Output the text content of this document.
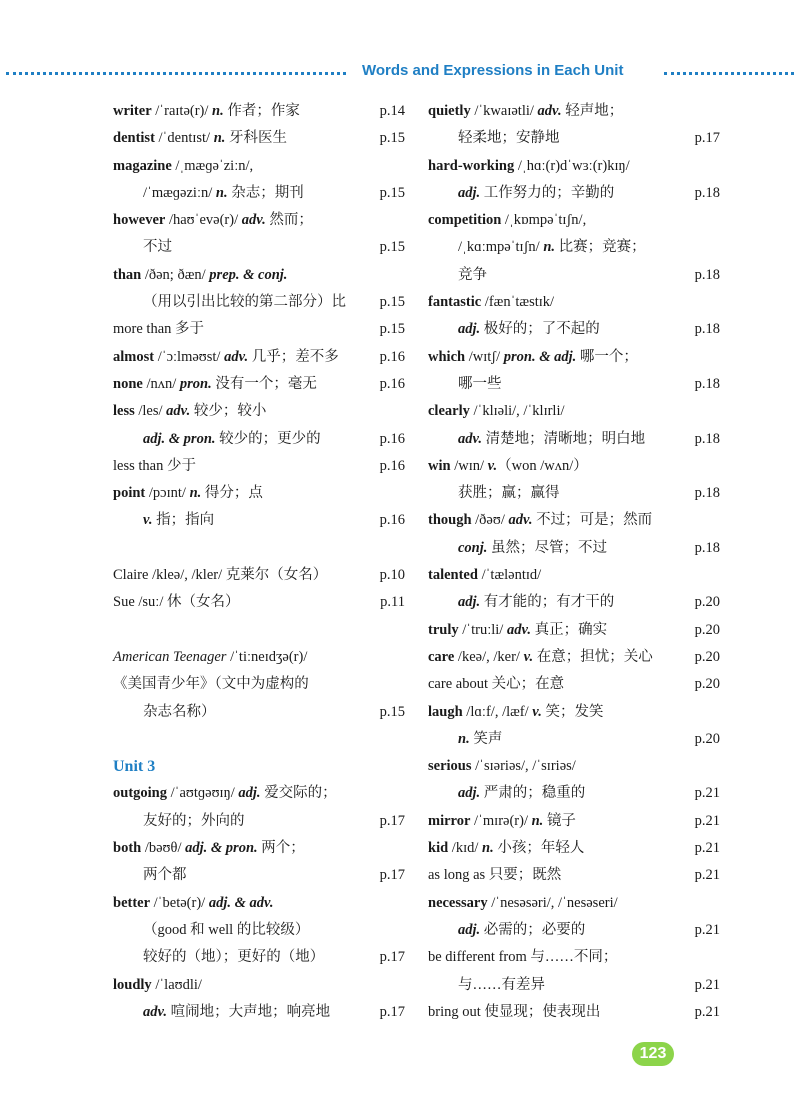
Words and Expressions in Each Unit
writer /ˈraɪtə(r)/ n. 作者；作家	p.14
dentist /ˈdentɪst/ n. 牙科医生	p.15
magazine /ˌmæɡəˈziːn/,
/ˈmæɡəziːn/ n. 杂志；期刊	p.15
however /haʊˈevə(r)/ adv. 然而；
不过	p.15
than /ðən; ðæn/ prep. & conj.
（用以引出比较的第二部分）比 p.15
more than 多于	p.15
almost /ˈɔːlməʊst/ adv. 几乎；差不多	p.16
none /nʌn/ pron. 没有一个；毫无	p.16
less /les/ adv. 较少；较小
adj. & pron. 较少的；更少的	p.16
less than 少于	p.16
point /pɔɪnt/ n. 得分；点
v. 指；指向	p.16
Claire /kleə/, /kler/ 克莱尔（女名）	p.10
Sue /suː/ 休（女名）	p.11
American Teenager /ˈtiːneɪdʒə(r)/
《美国青少年》（文中为虚构的
杂志名称）	p.15
Unit 3
outgoing /ˈaʊtɡəʊɪŋ/ adj. 爱交际的；
友好的；外向的	p.17
both /bəʊθ/ adj. & pron. 两个；
两个都	p.17
better /ˈbetə(r)/ adj. & adv.
（good 和 well 的比较级）
较好的（地）；更好的（地）	p.17
loudly /ˈlaʊdli/
adv. 喧闹地；大声地；响亮地	p.17
quietly /ˈkwaɪətli/ adv. 轻声地；
轻柔地；安静地	p.17
hard-working /ˌhɑː(r)dˈwɜː(r)kɪŋ/
adj. 工作努力的；辛勤的	p.18
competition /ˌkɒmpəˈtɪʃn/,
/ˌkɑːmpəˈtɪʃn/ n. 比赛；竞赛；
竞争	p.18
fantastic /fænˈtæstɪk/
adj. 极好的；了不起的	p.18
which /wɪtʃ/ pron. & adj. 哪一个；
哪一些	p.18
clearly /ˈklɪəli/, /ˈklɪrli/
adv. 清楚地；清晰地；明白地	p.18
win /wɪn/ v.（won /wʌn/）
获胜；赢；赢得	p.18
though /ðəʊ/ adv. 不过；可是；然而
conj. 虽然；尽管；不过	p.18
talented /ˈtæləntɪd/
adj. 有才能的；有才干的	p.20
truly /ˈtruːli/ adv. 真正；确实	p.20
care /keə/, /ker/ v. 在意；担忧；关心	p.20
care about 关心；在意	p.20
laugh /lɑːf/, /læf/ v. 笑；发笑
n. 笑声	p.20
serious /ˈsɪəriəs/, /ˈsɪriəs/
adj. 严肃的；稳重的	p.21
mirror /ˈmɪrə(r)/ n. 镜子	p.21
kid /kɪd/ n. 小孩；年轻人	p.21
as long as 只要；既然	p.21
necessary /ˈnesəsəri/, /ˈnesəseri/
adj. 必需的；必要的	p.21
be different from 与……不同；
与……有差异	p.21
bring out 使显现；使表现出	p.21
123
